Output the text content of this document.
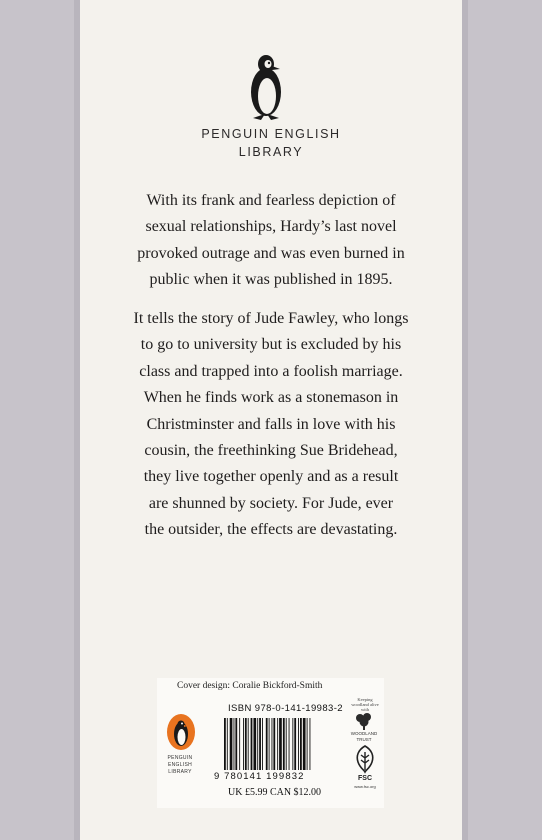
PENGUIN ENGLISH
LIBRARY

With its frank and fearless depiction of
sexual relationships, Hardy’s last novel
provoked outrage and was even burned in
public when it was published in 1895.

It tells the story of Jude Fawley, who longs
to go to university but is excluded by his
class and trapped into a foolish marriage.
When he finds work as a stonemason in
Christminster and falls in love with his
cousin, the freethinking Sue Bridehead,
they live together openly and as a result
are shunned by society. For Jude, ever
the outsider, the effects are devastating.

Cover design: Coralie Bickford-Smith
PENGUIN
ENGLISH
LIBRARY
ISBN 978-0-141-19983-2
9 780141 199832
UK £5.99 CAN $12.00
Keeping woodland alive with
WOODLAND
TRUST
FSC
www.fsc.org
